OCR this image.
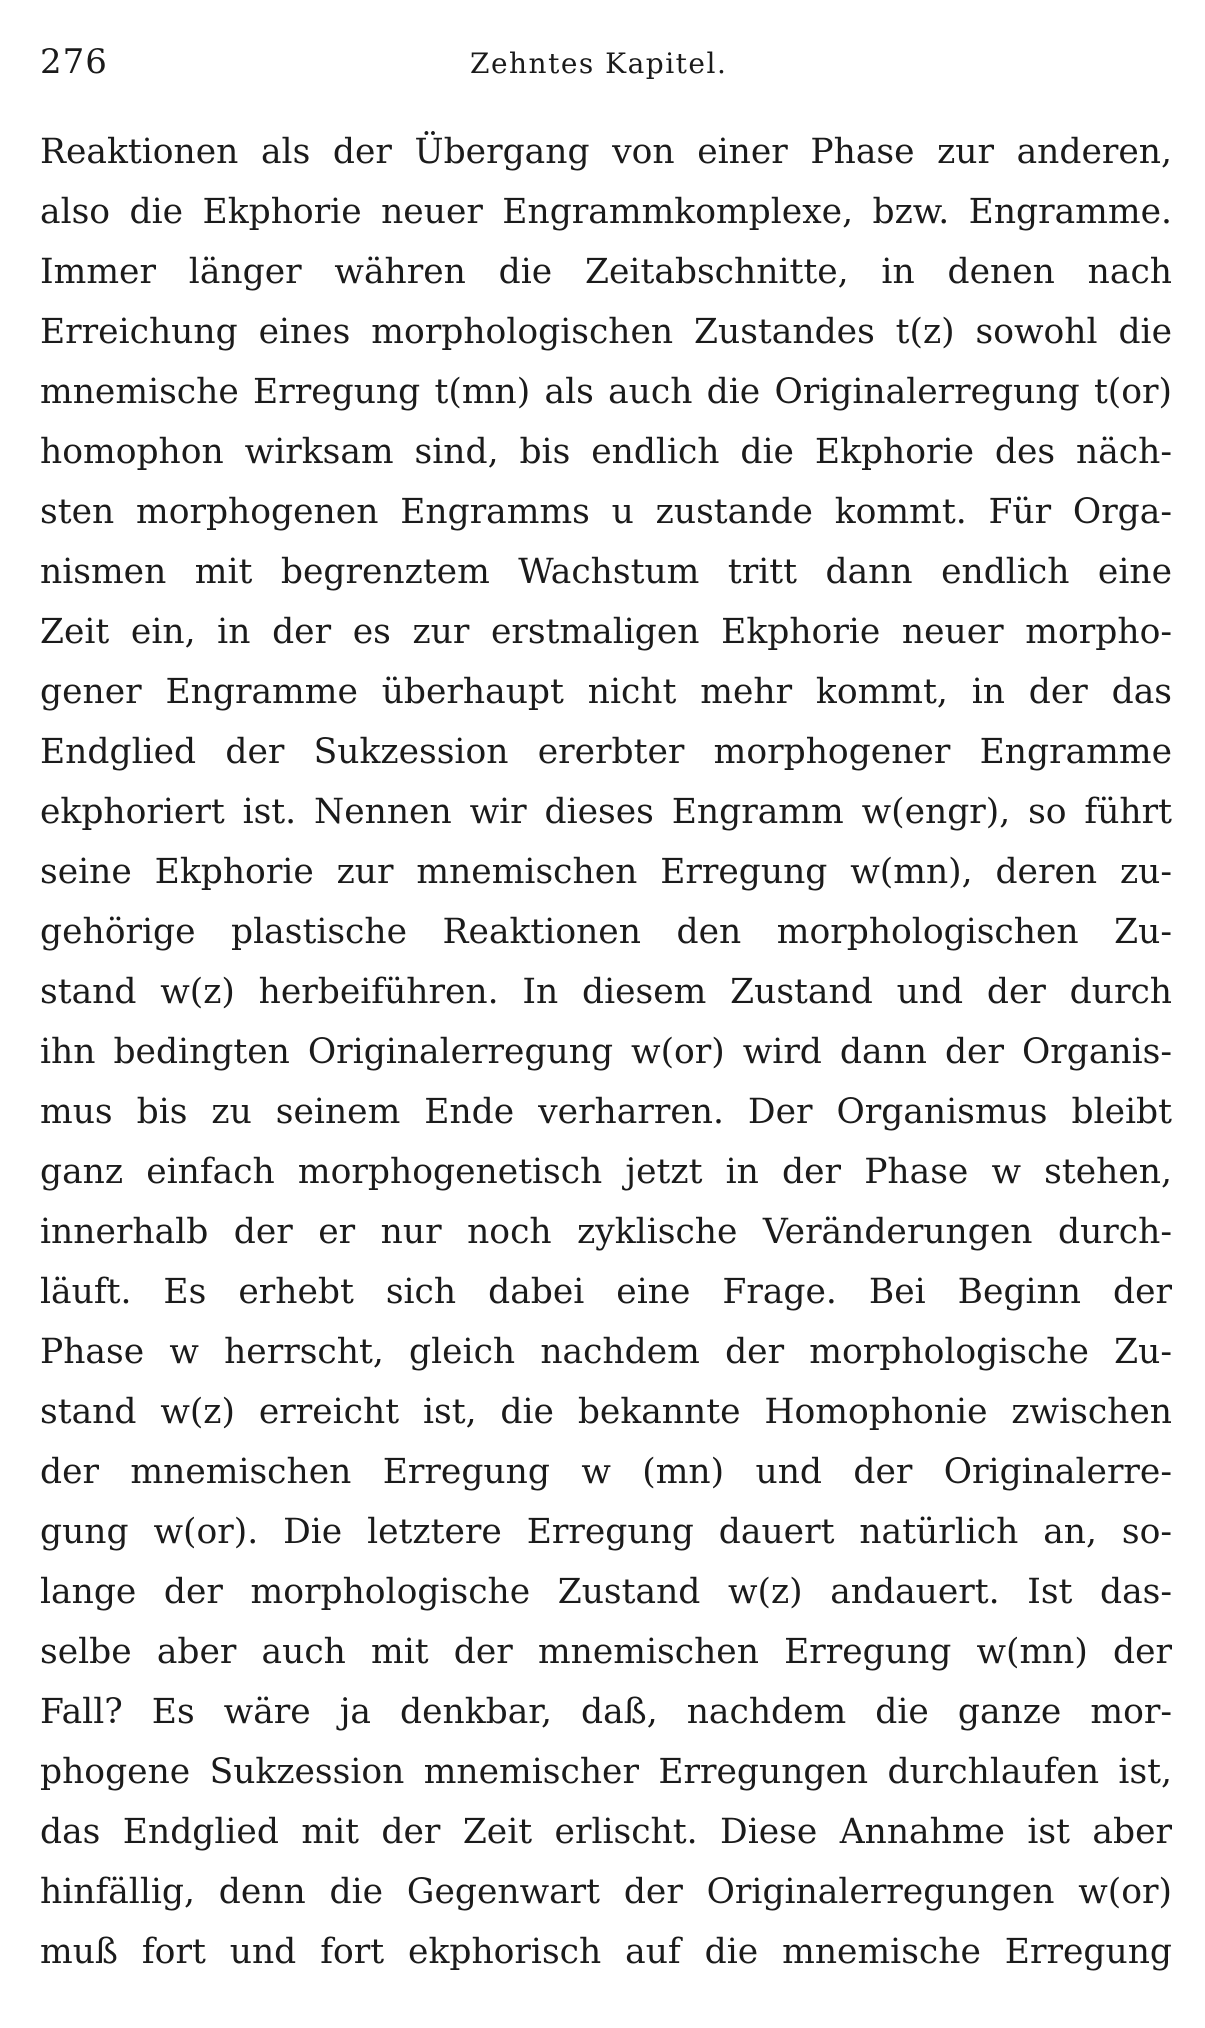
276	Zehntes Kapitel.
Reaktionen als der Übergang von einer Phase zur anderen,
also die Ekphorie neuer Engrammkomplexe, bzw. Engramme.
Immer länger währen die Zeitabschnitte, in denen nach
Erreichung eines morphologischen Zustandes t(z) sowohl die
mnemische Erregung t(mn) als auch die Originalerregung t(or)
homophon wirksam sind, bis endlich die Ekphorie des näch-
sten morphogenen Engramms u zustande kommt. Für Orga-
nismen mit begrenztem Wachstum tritt dann endlich eine
Zeit ein, in der es zur erstmaligen Ekphorie neuer morpho-
gener Engramme überhaupt nicht mehr kommt, in der das
Endglied der Sukzession ererbter morphogener Engramme
ekphoriert ist. Nennen wir dieses Engramm w(engr), so führt
seine Ekphorie zur mnemischen Erregung w(mn), deren zu-
gehörige plastische Reaktionen den morphologischen Zu-
stand w(z) herbeiführen. In diesem Zustand und der durch
ihn bedingten Originalerregung w(or) wird dann der Organis-
mus bis zu seinem Ende verharren. Der Organismus bleibt
ganz einfach morphogenetisch jetzt in der Phase w stehen,
innerhalb der er nur noch zyklische Veränderungen durch-
läuft. Es erhebt sich dabei eine Frage. Bei Beginn der
Phase w herrscht, gleich nachdem der morphologische Zu-
stand w(z) erreicht ist, die bekannte Homophonie zwischen
der mnemischen Erregung w (mn) und der Originalerre-
gung w(or). Die letztere Erregung dauert natürlich an, so-
lange der morphologische Zustand w(z) andauert. Ist das-
selbe aber auch mit der mnemischen Erregung w(mn) der
Fall? Es wäre ja denkbar, daß, nachdem die ganze mor-
phogene Sukzession mnemischer Erregungen durchlaufen ist,
das Endglied mit der Zeit erlischt. Diese Annahme ist aber
hinfällig, denn die Gegenwart der Originalerregungen w(or)
muß fort und fort ekphorisch auf die mnemische Erregung
